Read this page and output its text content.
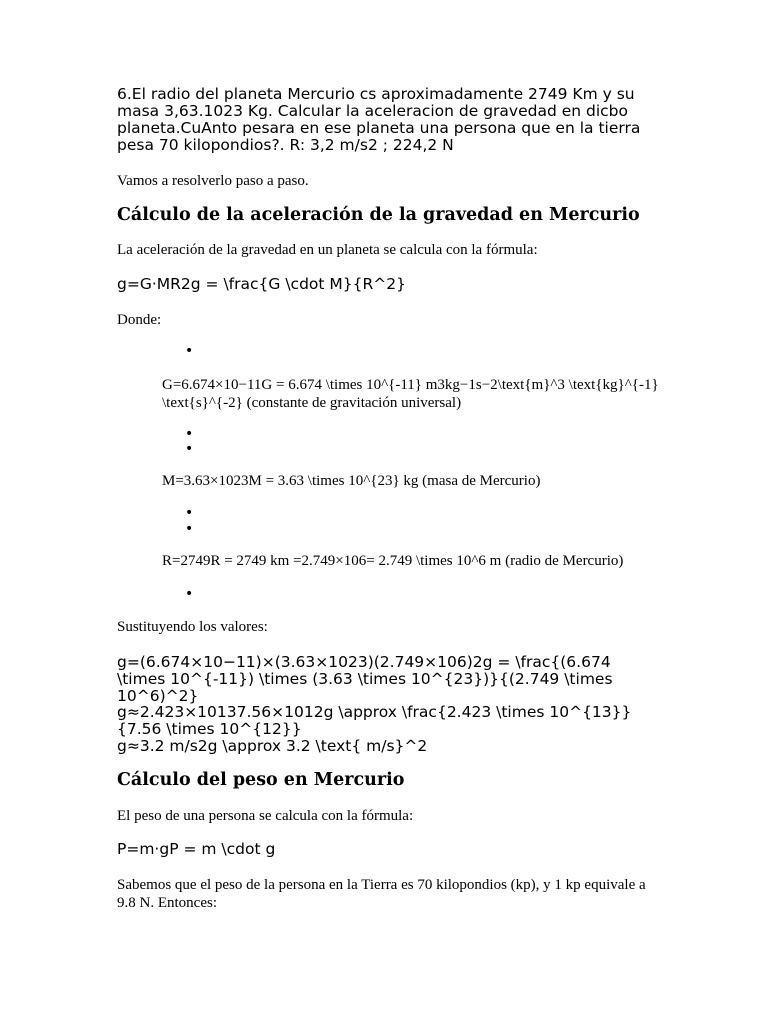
6.El radio del planeta Mercurio cs aproximadamente 2749 Km y su masa 3,63.1023 Kg. Calcular la aceleracion de gravedad en dicbo planeta.CuAnto pesara en ese planeta una persona que en la tierra pesa 70 kilopondios?. R: 3,2 m/s2 ; 224,2 N

Vamos a resolverlo paso a paso.

Cálculo de la aceleración de la gravedad en Mercurio

La aceleración de la gravedad en un planeta se calcula con la fórmula:

g=G·MR2g = \frac{G \cdot M}{R^2}

Donde:

•

G=6.674×10−11G = 6.674 \times 10^{-11} m3kg−1s−2\text{m}^3 \text{kg}^{-1} \text{s}^{-2} (constante de gravitación universal)

•
•

M=3.63×1023M = 3.63 \times 10^{23} kg (masa de Mercurio)

•
•

R=2749R = 2749 km =2.749×106= 2.749 \times 10^6 m (radio de Mercurio)

•

Sustituyendo los valores:

g=(6.674×10−11)×(3.63×1023)(2.749×106)2g = \frac{(6.674 \times 10^{-11}) \times (3.63 \times 10^{23})}{(2.749 \times 10^6)^2}

g≈2.423×10137.56×1012g \approx \frac{2.423 \times 10^{13}}{7.56 \times 10^{12}}

g≈3.2 m/s2g \approx 3.2 \text{ m/s}^2

Cálculo del peso en Mercurio

El peso de una persona se calcula con la fórmula:

P=m·gP = m \cdot g

Sabemos que el peso de la persona en la Tierra es 70 kilopondios (kp), y 1 kp equivale a 9.8 N. Entonces:
